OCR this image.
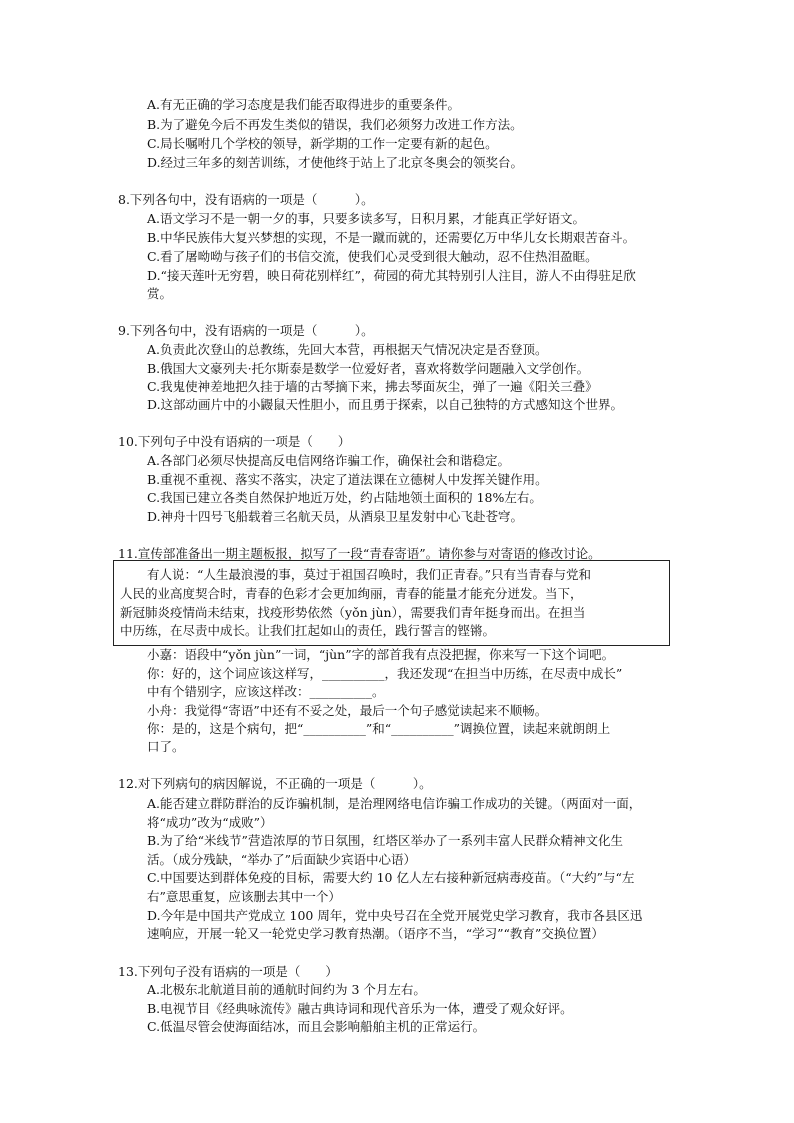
A.有无正确的学习态度是我们能否取得进步的重要条件。
B.为了避免今后不再发生类似的错误，我们必须努力改进工作方法。
C.局长嘱咐几个学校的领导，新学期的工作一定要有新的起色。
D.经过三年多的刻苦训练，才使他终于站上了北京冬奥会的领奖台。
8.下列各句中，没有语病的一项是（　　　）。
A.语文学习不是一朝一夕的事，只要多读多写，日积月累，才能真正学好语文。
B.中华民族伟大复兴梦想的实现，不是一蹴而就的，还需要亿万中华儿女长期艰苦奋斗。
C.看了屠呦呦与孩子们的书信交流，使我们心灵受到很大触动，忍不住热泪盈眶。
D.“接天莲叶无穷碧，映日荷花别样红”，荷园的荷尤其特别引人注目，游人不由得驻足欣
赏。
9.下列各句中，没有语病的一项是（　　　）。
A.负责此次登山的总教练，先回大本营，再根据天气情况决定是否登顶。
B.俄国大文豪列夫·托尔斯泰是数学一位爱好者，喜欢将数学问题融入文学创作。
C.我鬼使神差地把久挂于墙的古琴摘下来，拂去琴面灰尘，弹了一遍《阳关三叠》
D.这部动画片中的小鼹鼠天性胆小，而且勇于探索，以自己独特的方式感知这个世界。
10.下列句子中没有语病的一项是（　　）
A.各部门必须尽快提高反电信网络诈骗工作，确保社会和谐稳定。
B.重视不重视、落实不落实，决定了道法课在立德树人中发挥关键作用。
C.我国已建立各类自然保护地近万处，约占陆地领土面积的 18%左右。
D.神舟十四号飞船载着三名航天员，从酒泉卫星发射中心飞赴苍穹。
11.宣传部准备出一期主题板报，拟写了一段“青春寄语”。请你参与对寄语的修改讨论。
有人说：“人生最浪漫的事，莫过于祖国召唤时，我们正青春。”只有当青春与党和
人民的业高度契合时，青春的色彩才会更加绚丽，青春的能量才能充分迸发。当下，
新冠肺炎疫情尚未结束，找疫形势依然（yǒn jùn），需要我们青年挺身而出。在担当
中历练，在尽责中成长。让我们扛起如山的责任，践行誓言的铿锵。
小嘉：语段中“yǒn jùn”一词，“jùn”字的部首我有点没把握，你来写一下这个词吧。
你：好的，这个词应该这样写，__________，我还发现“在担当中历练，在尽责中成长”
中有个错别字，应该这样改：__________。
小舟：我觉得“寄语”中还有不妥之处，最后一个句子感觉读起来不顺畅。
你：是的，这是个病句，把“__________”和“__________”调换位置，读起来就朗朗上
口了。
12.对下列病句的病因解说，不正确的一项是（　　　）。
A.能否建立群防群治的反诈骗机制，是治理网络电信诈骗工作成功的关键。（两面对一面，
将“成功”改为“成败”）
B.为了给“米线节”营造浓厚的节日氛围，红塔区举办了一系列丰富人民群众精神文化生
活。（成分残缺，“举办了”后面缺少宾语中心语）
C.中国要达到群体免疫的目标，需要大约 10 亿人左右接种新冠病毒疫苗。（“大约”与“左
右”意思重复，应该删去其中一个）
D.今年是中国共产党成立 100 周年，党中央号召在全党开展党史学习教育，我市各县区迅
速响应，开展一轮又一轮党史学习教育热潮。（语序不当，“学习”“教育”交换位置）
13.下列句子没有语病的一项是（　　）
A.北极东北航道目前的通航时间约为 3 个月左右。
B.电视节目《经典咏流传》融古典诗词和现代音乐为一体，遭受了观众好评。
C.低温尽管会使海面结冰，而且会影响船舶主机的正常运行。
